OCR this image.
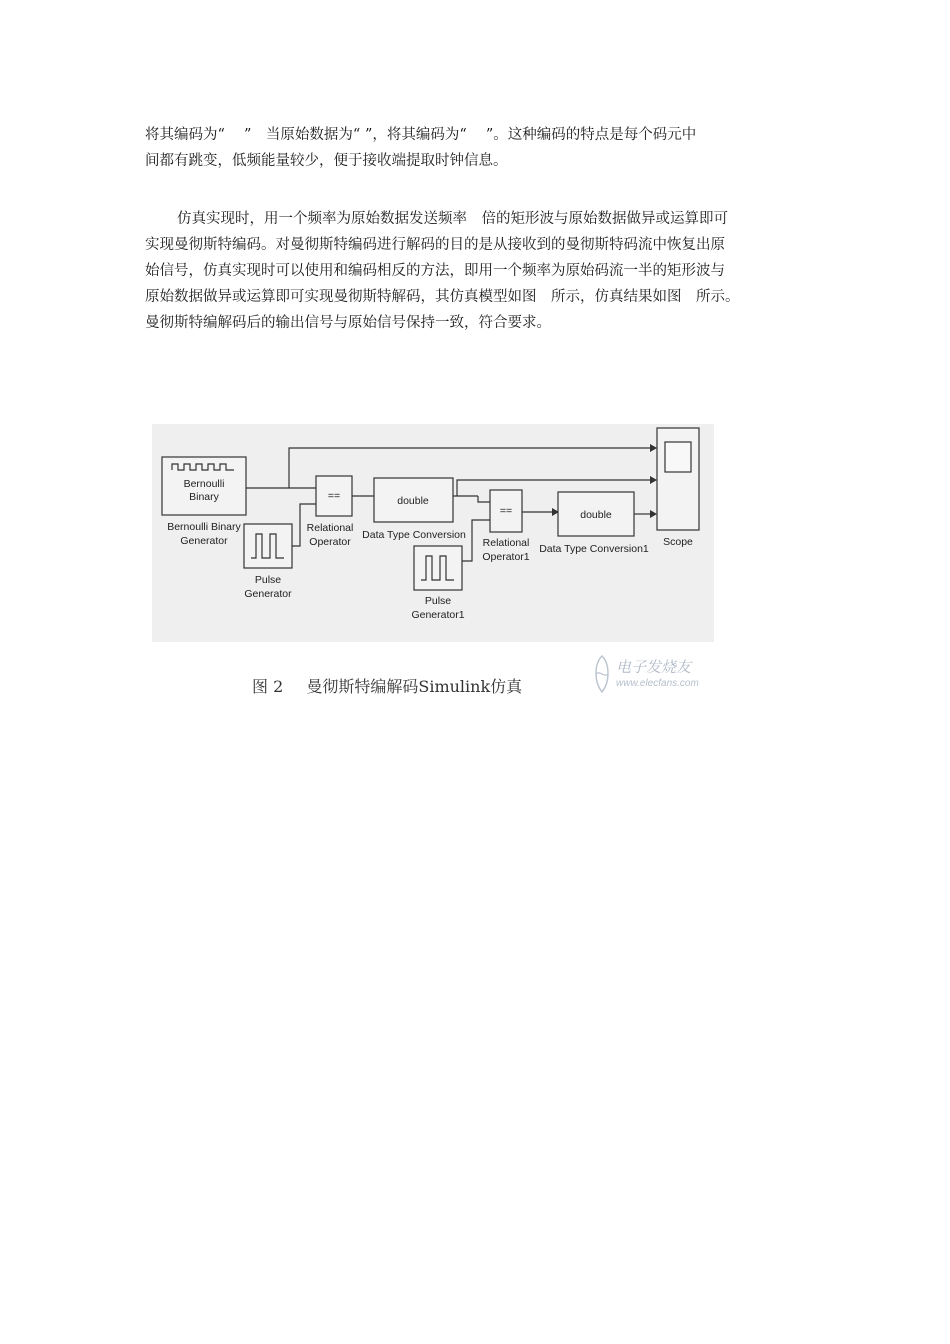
将其编码为“　 ”　当原始数据为“ ”，将其编码为“ 　”。这种编码的特点是每个码元中
间都有跳变，低频能量较少，便于接收端提取时钟信息。
仿真实现时，用一个频率为原始数据发送频率　倍的矩形波与原始数据做异或运算即可
实现曼彻斯特编码。对曼彻斯特编码进行解码的目的是从接收到的曼彻斯特码流中恢复出原
始信号，仿真实现时可以使用和编码相反的方法，即用一个频率为原始码流一半的矩形波与
原始数据做异或运算即可实现曼彻斯特解码，其仿真模型如图　所示，仿真结果如图　所示。
曼彻斯特编解码后的输出信号与原始信号保持一致，符合要求。
Bernoulli
Binary
Bernoulli Binary
Generator
Pulse
Generator
==
Relational
Operator
double
Data Type Conversion
Pulse
Generator1
==
Relational
Operator1
double
Data Type Conversion1
Scope
图 2 曼彻斯特编解码Simulink仿真
电子发烧友
www.elecfans.com
